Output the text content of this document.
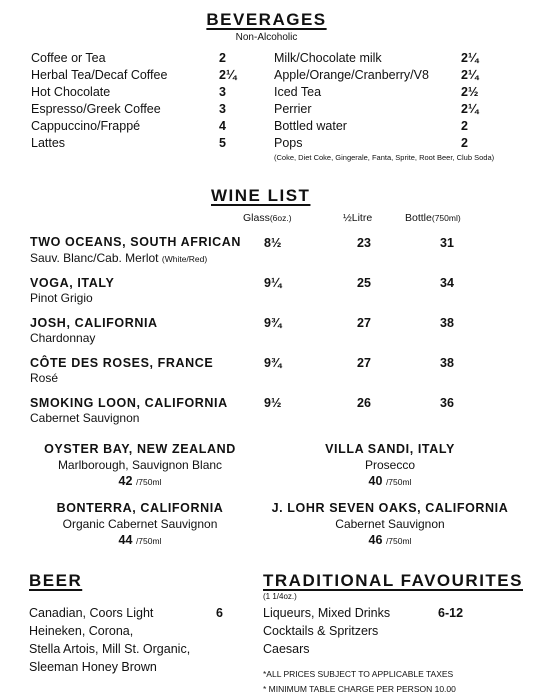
BEVERAGES
Non-Alcoholic
Coffee or Tea	2
Herbal Tea/Decaf Coffee	2¼
Hot Chocolate	3
Espresso/Greek Coffee	3
Cappuccino/Frappé	4
Lattes	5
Milk/Chocolate milk	2¼
Apple/Orange/Cranberry/V8	2¼
Iced Tea	2½
Perrier	2¼
Bottled water	2
Pops	2
(Coke, Diet Coke, Gingerale, Fanta, Sprite, Root Beer, Club Soda)
WINE LIST
Glass(6oz.)	½Litre	Bottle(750ml)
TWO OCEANS, SOUTH AFRICAN
Sauv. Blanc/Cab. Merlot (White/Red)
8½	23	31
VOGA, ITALY
Pinot Grigio
9¼	25	34
JOSH, CALIFORNIA
Chardonnay
9¾	27	38
CÔTE DES ROSES, FRANCE
Rosé
9¾	27	38
SMOKING LOON, CALIFORNIA
Cabernet Sauvignon
9½	26	36
OYSTER BAY, NEW ZEALAND
Marlborough, Sauvignon Blanc
42 /750ml
VILLA SANDI, ITALY
Prosecco
40 /750ml
BONTERRA, CALIFORNIA
Organic Cabernet Sauvignon
44 /750ml
J. LOHR SEVEN OAKS, CALIFORNIA
Cabernet Sauvignon
46 /750ml
BEER
Canadian, Coors Light
Heineken, Corona,
Stella Artois, Mill St. Organic,
Sleeman Honey Brown
6
TRADITIONAL FAVOURITES
(1 1/4oz.)
Liqueurs, Mixed Drinks
Cocktails & Spritzers
Caesars
6-12
*ALL PRICES SUBJECT TO APPLICABLE TAXES
* MINIMUM TABLE CHARGE PER PERSON 10.00
